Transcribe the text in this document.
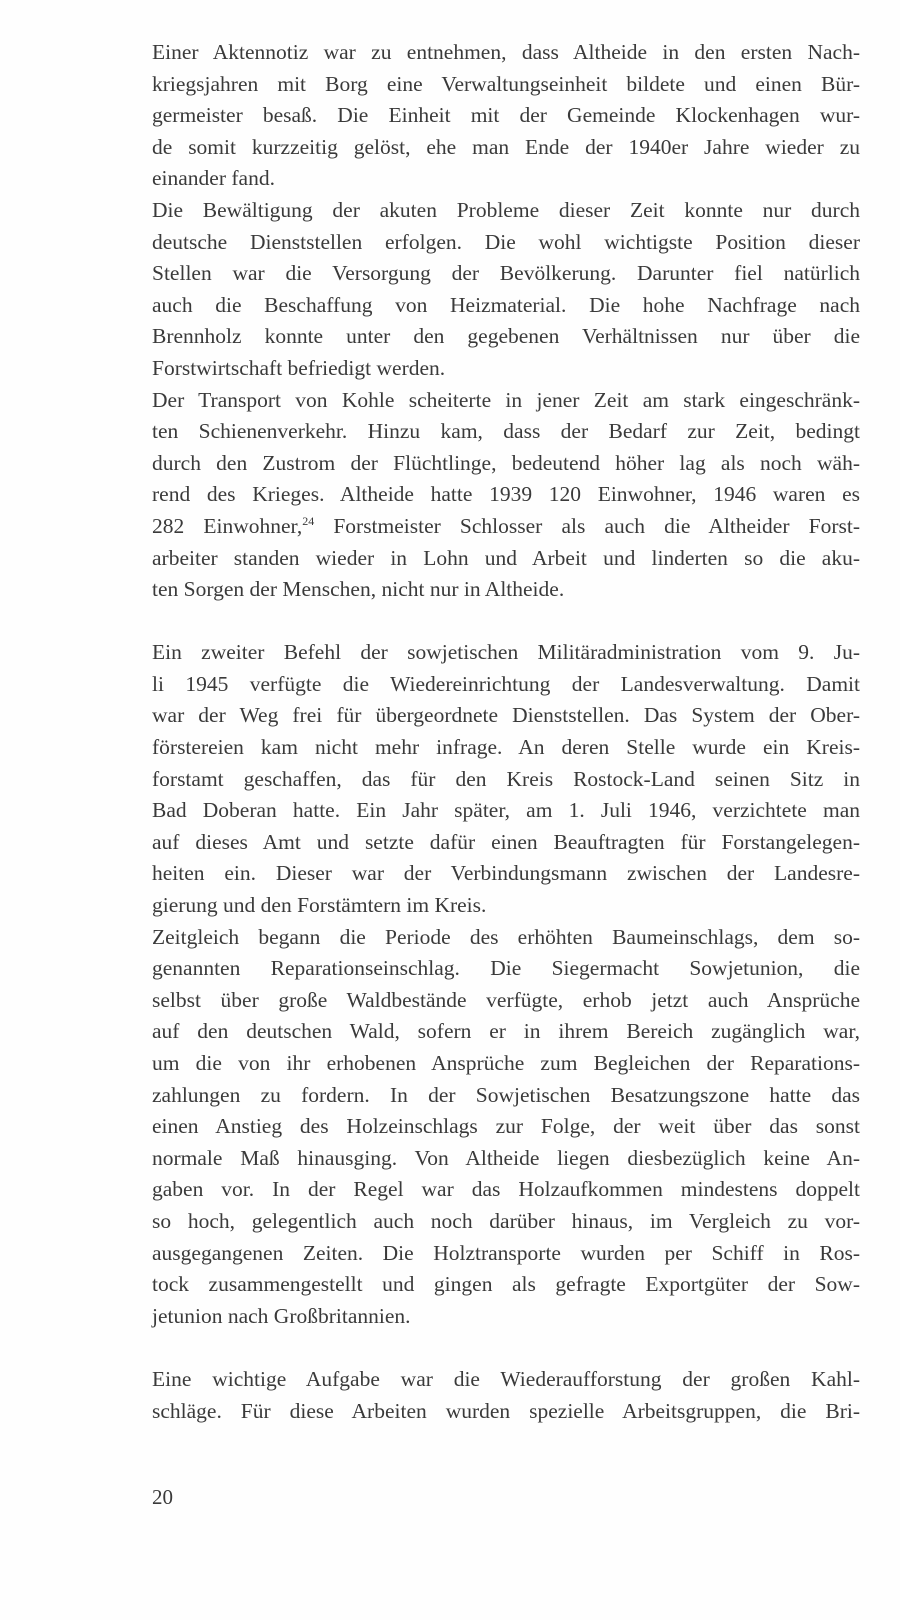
Einer Aktennotiz war zu entnehmen, dass Altheide in den ersten Nach-
kriegsjahren mit Borg eine Verwaltungseinheit bildete und einen Bür-
germeister besaß. Die Einheit mit der Gemeinde Klockenhagen wur-
de somit kurzzeitig gelöst, ehe man Ende der 1940er Jahre wieder zu
einander fand.
Die Bewältigung der akuten Probleme dieser Zeit konnte nur durch
deutsche Dienststellen erfolgen. Die wohl wichtigste Position dieser
Stellen war die Versorgung der Bevölkerung. Darunter fiel natürlich
auch die Beschaffung von Heizmaterial. Die hohe Nachfrage nach
Brennholz konnte unter den gegebenen Verhältnissen nur über die
Forstwirtschaft befriedigt werden.
Der Transport von Kohle scheiterte in jener Zeit am stark eingeschränk-
ten Schienenverkehr. Hinzu kam, dass der Bedarf zur Zeit, bedingt
durch den Zustrom der Flüchtlinge, bedeutend höher lag als noch wäh-
rend des Krieges. Altheide hatte 1939 120 Einwohner, 1946 waren es
282 Einwohner,$^{24}$ Forstmeister Schlosser als auch die Altheider Forst-
arbeiter standen wieder in Lohn und Arbeit und linderten so die aku-
ten Sorgen der Menschen, nicht nur in Altheide.
Ein zweiter Befehl der sowjetischen Militäradministration vom 9. Ju-
li 1945 verfügte die Wiedereinrichtung der Landesverwaltung. Damit
war der Weg frei für übergeordnete Dienststellen. Das System der Ober-
förstereien kam nicht mehr infrage. An deren Stelle wurde ein Kreis-
forstamt geschaffen, das für den Kreis Rostock-Land seinen Sitz in
Bad Doberan hatte. Ein Jahr später, am 1. Juli 1946, verzichtete man
auf dieses Amt und setzte dafür einen Beauftragten für Forstangelegen-
heiten ein. Dieser war der Verbindungsmann zwischen der Landesre-
gierung und den Forstämtern im Kreis.
Zeitgleich begann die Periode des erhöhten Baumeinschlags, dem so-
genannten Reparationseinschlag. Die Siegermacht Sowjetunion, die
selbst über große Waldbestände verfügte, erhob jetzt auch Ansprüche
auf den deutschen Wald, sofern er in ihrem Bereich zugänglich war,
um die von ihr erhobenen Ansprüche zum Begleichen der Reparations-
zahlungen zu fordern. In der Sowjetischen Besatzungszone hatte das
einen Anstieg des Holzeinschlags zur Folge, der weit über das sonst
normale Maß hinausging. Von Altheide liegen diesbezüglich keine An-
gaben vor. In der Regel war das Holzaufkommen mindestens doppelt
so hoch, gelegentlich auch noch darüber hinaus, im Vergleich zu vor-
ausgegangenen Zeiten. Die Holztransporte wurden per Schiff in Ros-
tock zusammengestellt und gingen als gefragte Exportgüter der Sow-
jetunion nach Großbritannien.
Eine wichtige Aufgabe war die Wiederaufforstung der großen Kahl-
schläge. Für diese Arbeiten wurden spezielle Arbeitsgruppen, die Bri-
20
